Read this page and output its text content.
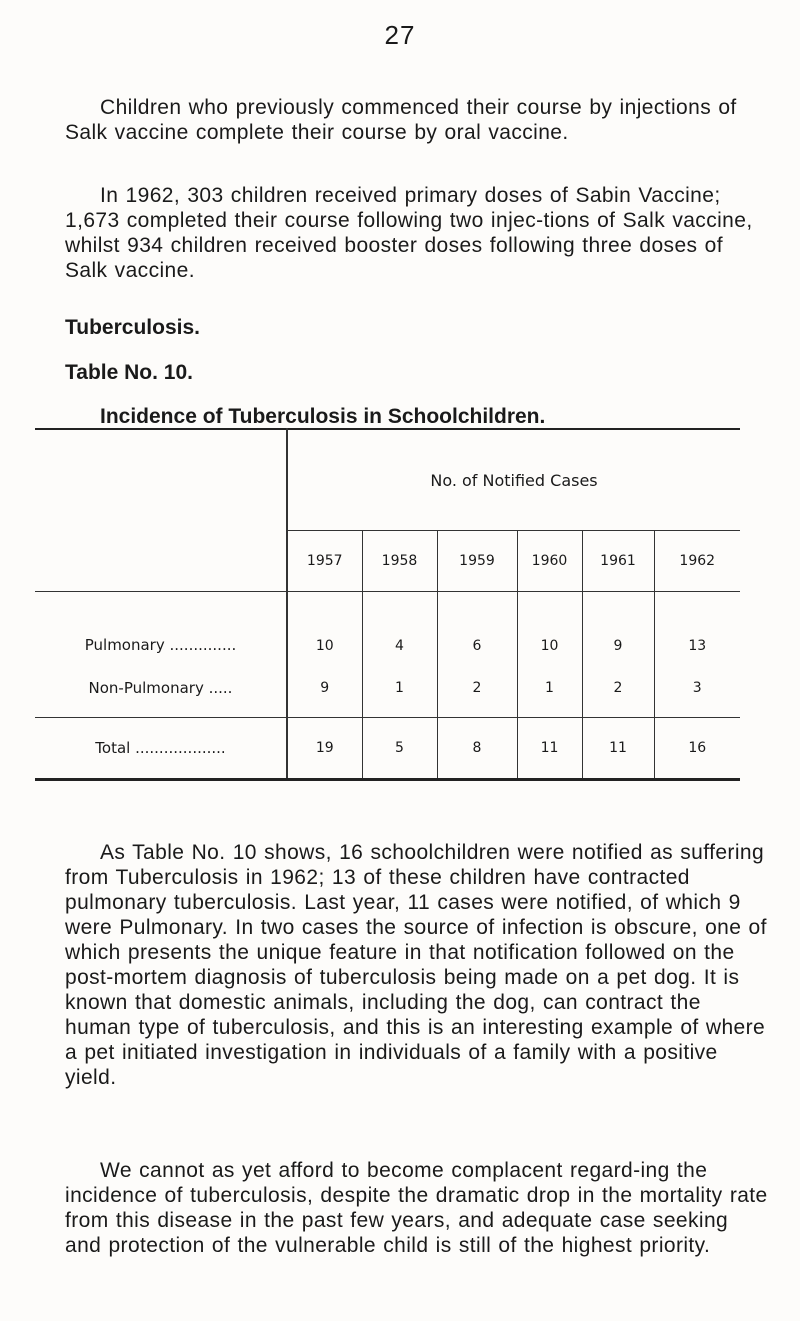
27

Children who previously commenced their course by injections of Salk vaccine complete their course by oral vaccine.

In 1962, 303 children received primary doses of Sabin Vaccine; 1,673 completed their course following two injec-tions of Salk vaccine, whilst 934 children received booster doses following three doses of Salk vaccine.

Tuberculosis.
Table No. 10.
Incidence of Tuberculosis in Schoolchildren.
	No. of Notified Cases					
	1957	1958	1959	1960	1961	1962
Pulmonary ..............	10	4	6	10	9	13
Non-Pulmonary .....	9	1	2	1	2	3
Total ...................	19	5	8	11	11	16

As Table No. 10 shows, 16 schoolchildren were notified as suffering from Tuberculosis in 1962; 13 of these children have contracted pulmonary tuberculosis. Last year, 11 cases were notified, of which 9 were Pulmonary. In two cases the source of infection is obscure, one of which presents the unique feature in that notification followed on the post-mortem diagnosis of tuberculosis being made on a pet dog. It is known that domestic animals, including the dog, can contract the human type of tuberculosis, and this is an interesting example of where a pet initiated investigation in individuals of a family with a positive yield.

We cannot as yet afford to become complacent regard-ing the incidence of tuberculosis, despite the dramatic drop in the mortality rate from this disease in the past few years, and adequate case seeking and protection of the vulnerable child is still of the highest priority.
